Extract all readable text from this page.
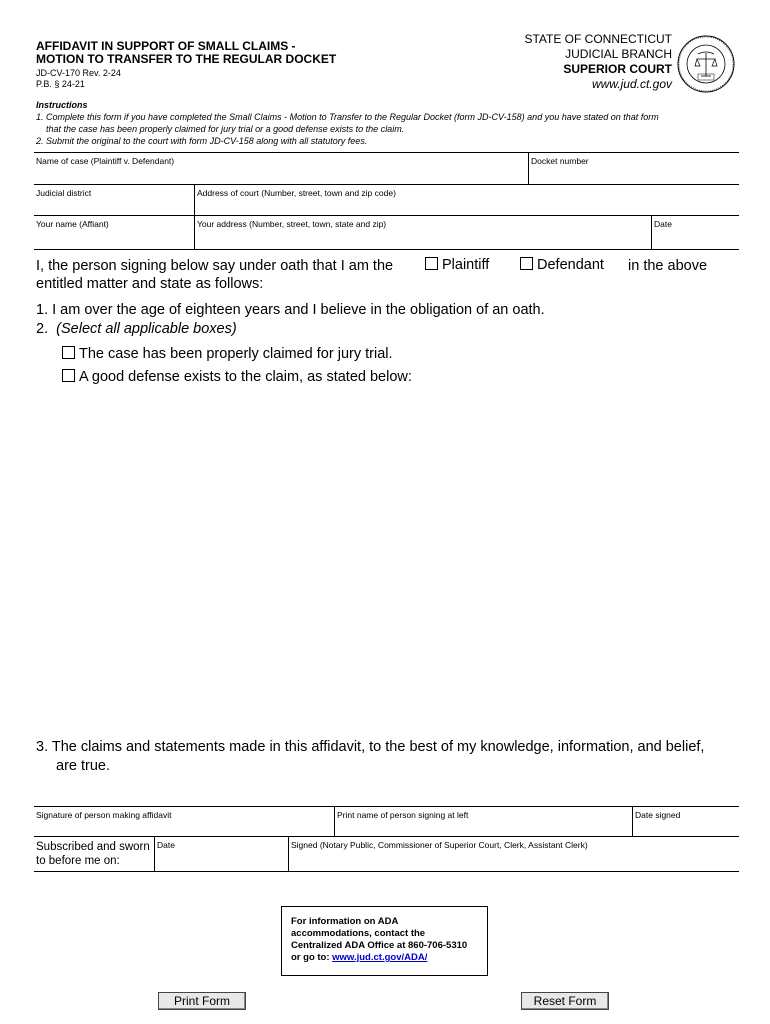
AFFIDAVIT IN SUPPORT OF SMALL CLAIMS -
MOTION TO TRANSFER TO THE REGULAR DOCKET
JD-CV-170 Rev. 2-24
P.B. § 24-21
STATE OF CONNECTICUT
JUDICIAL BRANCH
SUPERIOR COURT
www.jud.ct.gov
Instructions
1. Complete this form if you have completed the Small Claims - Motion to Transfer to the Regular Docket (form JD-CV-158) and you have stated on that form
that the case has been properly claimed for jury trial or a good defense exists to the claim.
2. Submit the original to the court with form JD-CV-158 along with all statutory fees.
Name of case (Plaintiff v. Defendant)	Docket number
Judicial district	Address of court (Number, street, town and zip code)
Your name (Affiant)	Your address (Number, street, town, state and zip)	Date
I, the person signing below say under oath that I am the	Plaintiff	Defendant in the above
entitled matter and state as follows:
1. I am over the age of eighteen years and I believe in the obligation of an oath.
2. (Select all applicable boxes)
The case has been properly claimed for jury trial.
A good defense exists to the claim, as stated below:
3. The claims and statements made in this affidavit, to the best of my knowledge, information, and belief,
are true.
Signature of person making affidavit	Print name of person signing at left	Date signed
Subscribed and sworn
to before me on:
Date	Signed (Notary Public, Commissioner of Superior Court, Clerk, Assistant Clerk)
For information on ADA
accommodations, contact the
Centralized ADA Office at 860-706-5310
or go to: www.jud.ct.gov/ADA/
Print Form	Reset Form
